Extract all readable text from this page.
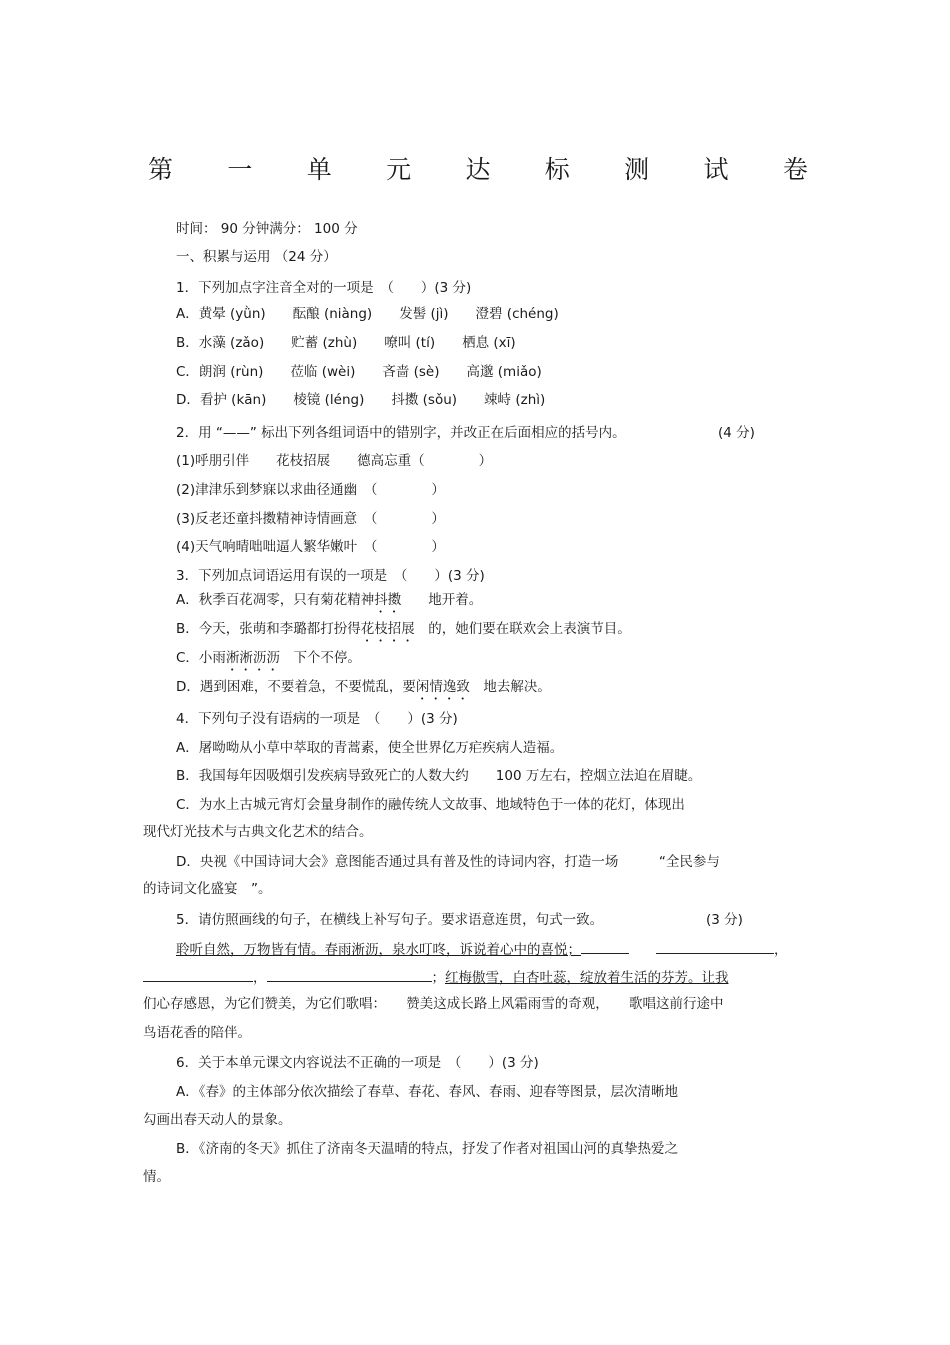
第 一 单 元 达 标 测 试 卷
时间： 90 分钟满分： 100 分
一、积累与运用 （24 分）
1．下列加点字注音全对的一项是　（　　）(3 分)
A．黄晕 (yǜn)　　酝酿 (niàng)　　发髻 (jì)　　澄碧 (chéng)
B．水藻 (zǎo)　　贮蓄 (zhù)　　嘹叫 (tí)　　栖息 (xī)
C．朗润 (rùn)　　莅临 (wèi)　　吝啬 (sè)　　高邈 (miǎo)
D．看护 (kān)　　棱镜 (léng)　　抖擞 (sǒu)　　竦峙 (zhì)
2．用 “——” 标出下列各组词语中的错别字，并改正在后面相应的括号内。	(4 分)
(1)呼朋引伴　　花枝招展　　德高忘重（　　　　）
(2)津津乐到梦寐以求曲径通幽　（　　　　）
(3)反老还童抖擞精神诗情画意　（　　　　）
(4)天气响晴咄咄逼人繁华嫩叶　（　　　　）
3．下列加点词语运用有误的一项是　（　　）(3 分)
A．秋季百花凋零，只有菊花精神抖擞　　 地开着。
B．今天，张萌和李璐都打扮得花枝招展　 的，她们要在联欢会上表演节目。
C．小雨淅淅沥沥　 下个不停。
D．遇到困难，不要着急，不要慌乱，要闲情逸致　 地去解决。
4．下列句子没有语病的一项是　（　　）(3 分)
A．屠呦呦从小草中萃取的青蒿素，使全世界亿万疟疾病人造福。
B．我国每年因吸烟引发疾病导致死亡的人数大约　　100 万左右，控烟立法迫在眉睫。
C．为水上古城元宵灯会量身制作的融传统人文故事、地域特色于一体的花灯，体现出
现代灯光技术与古典文化艺术的结合。
D．央视《中国诗词大会》意图能否通过具有普及性的诗词内容，打造一场　　　“全民参与
的诗词文化盛宴　”。
5．请仿照画线的句子，在横线上补写句子。要求语意连贯，句式一致。	(3 分)
聆听自然，万物皆有情。春雨淅沥，泉水叮咚，诉说着心中的喜悦；　　	，
，	；红梅傲雪，白杏吐蕊，绽放着生活的芬芳。让我
们心存感恩，为它们赞美，为它们歌唱：　　赞美这成长路上风霜雨雪的奇观，　　歌唱这前行途中
鸟语花香的陪伴。
6．关于本单元课文内容说法不正确的一项是　（　　）(3 分)
A．《春》的主体部分依次描绘了春草、春花、春风、春雨、迎春等图景，层次清晰地
勾画出春天动人的景象。
B．《济南的冬天》抓住了济南冬天温晴的特点，抒发了作者对祖国山河的真挚热爱之
情。
